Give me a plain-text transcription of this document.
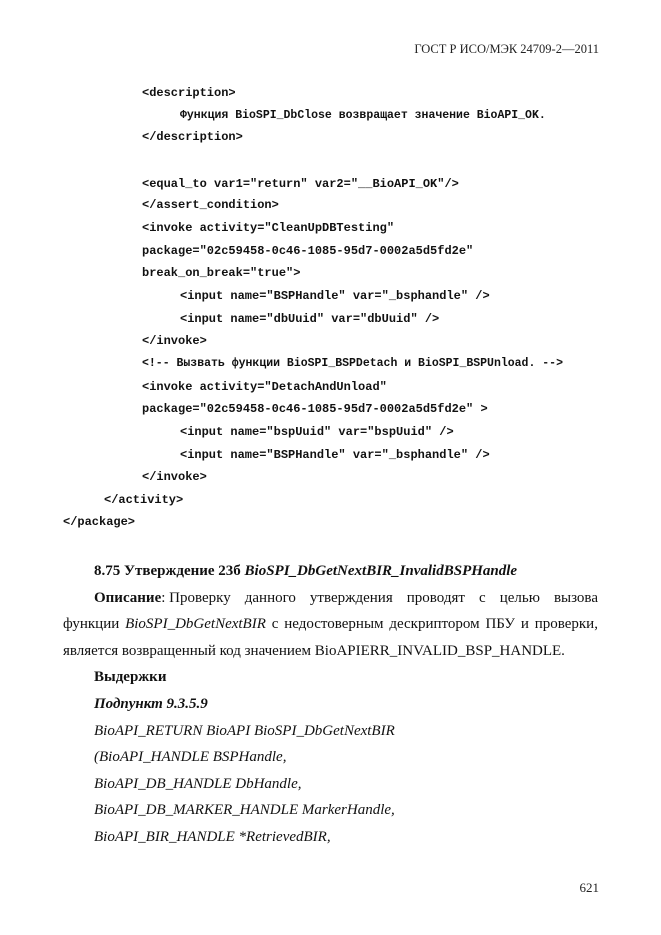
ГОСТ Р ИСО/МЭК 24709-2—2011
<description>
Функция BioSPI_DbClose возвращает значение BioAPI_OK.
</description>
<equal_to var1="return" var2="__BioAPI_OK"/>
</assert_condition>
<invoke activity="CleanUpDBTesting"
package="02c59458-0c46-1085-95d7-0002a5d5fd2e"
break_on_break="true">
<input name="BSPHandle" var="_bsphandle" />
<input name="dbUuid" var="dbUuid" />
</invoke>
<!-- Вызвать функции BioSPI_BSPDetach и BioSPI_BSPUnload. -->
<invoke activity="DetachAndUnload"
package="02c59458-0c46-1085-95d7-0002a5d5fd2e" >
<input name="bspUuid" var="bspUuid" />
<input name="BSPHandle" var="_bsphandle" />
</invoke>
</activity>
</package>
8.75 Утверждение 23б BioSPI_DbGetNextBIR_InvalidBSPHandle
Описание: Проверку данного утверждения проводят с целью вызова
функции BioSPI_DbGetNextBIR с недостоверным дескриптором ПБУ и проверки,
является возвращенный код значением BioAPIERR_INVALID_BSP_HANDLE.
Выдержки
Подпункт 9.3.5.9
BioAPI_RETURN BioAPI BioSPI_DbGetNextBIR
(BioAPI_HANDLE BSPHandle,
BioAPI_DB_HANDLE DbHandle,
BioAPI_DB_MARKER_HANDLE MarkerHandle,
BioAPI_BIR_HANDLE *RetrievedBIR,
621
